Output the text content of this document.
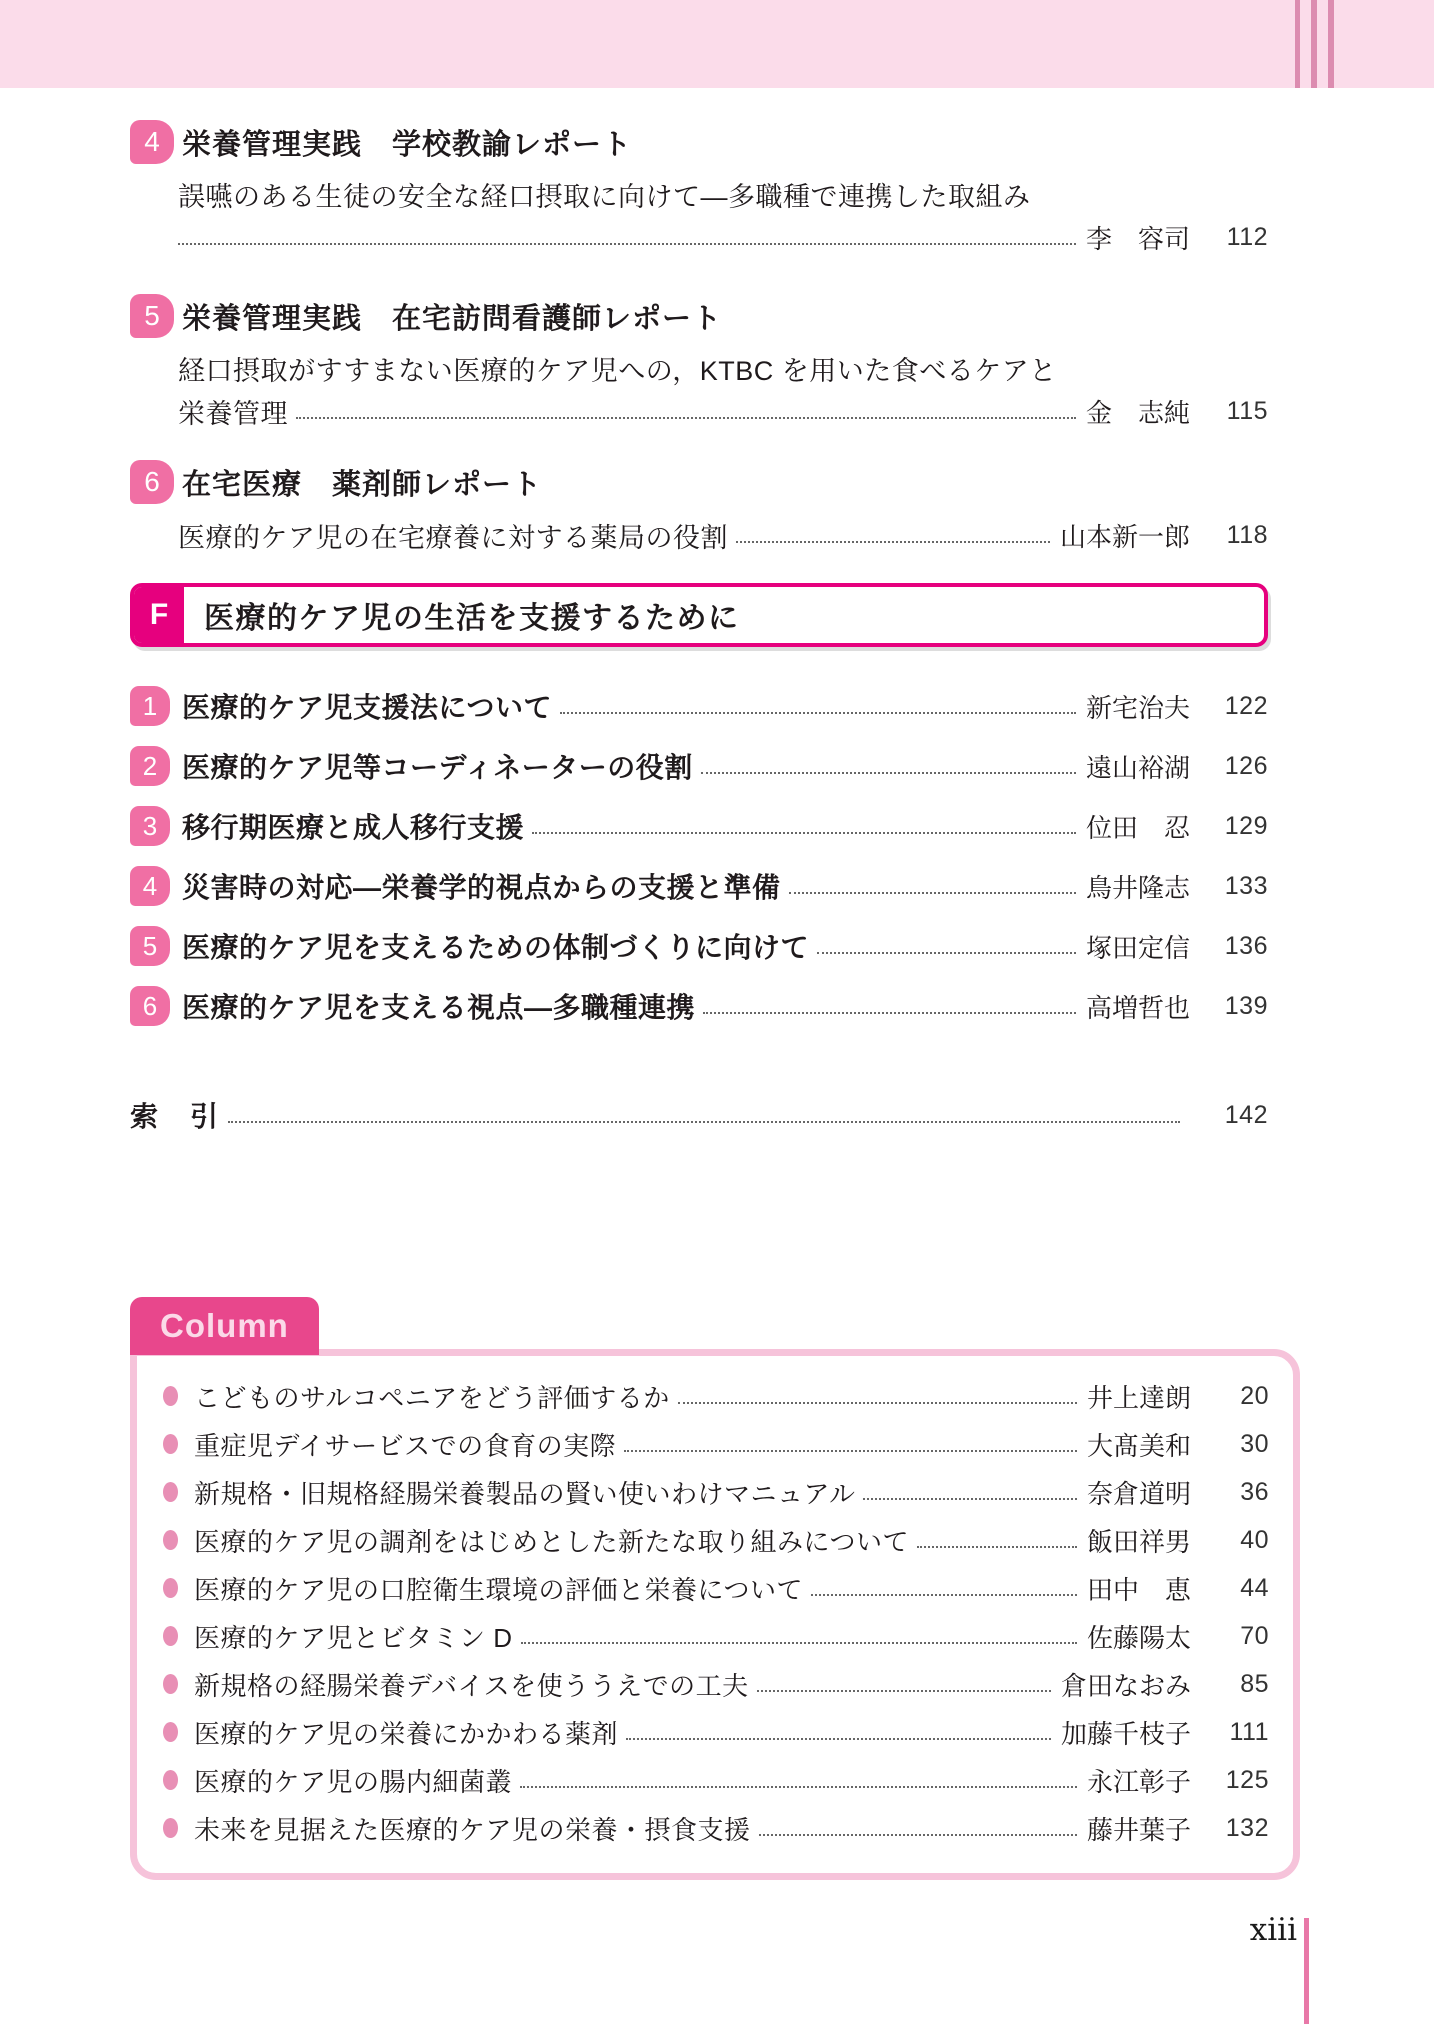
4 栄養管理実践　学校教諭レポート
誤嚥のある生徒の安全な経口摂取に向けて―多職種で連携した取組み
李　容司	112
5 栄養管理実践　在宅訪問看護師レポート
経口摂取がすすまない医療的ケア児への，KTBC を用いた食べるケアと
栄養管理	金　志純	115
6 在宅医療　薬剤師レポート
医療的ケア児の在宅療養に対する薬局の役割	山本新一郎	118
F	医療的ケア児の生活を支援するために
1 医療的ケア児支援法について	新宅治夫	122
2 医療的ケア児等コーディネーターの役割	遠山裕湖	126
3 移行期医療と成人移行支援	位田　忍	129
4 災害時の対応―栄養学的視点からの支援と準備	鳥井隆志	133
5 医療的ケア児を支えるための体制づくりに向けて	塚田定信	136
6 医療的ケア児を支える視点―多職種連携	高増哲也	139
索　引	142
Column
こどものサルコペニアをどう評価するか	井上達朗	20
重症児デイサービスでの食育の実際	大髙美和	30
新規格・旧規格経腸栄養製品の賢い使いわけマニュアル	奈倉道明	36
医療的ケア児の調剤をはじめとした新たな取り組みについて	飯田祥男	40
医療的ケア児の口腔衛生環境の評価と栄養について	田中　恵	44
医療的ケア児とビタミン D	佐藤陽太	70
新規格の経腸栄養デバイスを使ううえでの工夫	倉田なおみ	85
医療的ケア児の栄養にかかわる薬剤	加藤千枝子	111
医療的ケア児の腸内細菌叢	永江彰子	125
未来を見据えた医療的ケア児の栄養・摂食支援	藤井葉子	132
xiii
